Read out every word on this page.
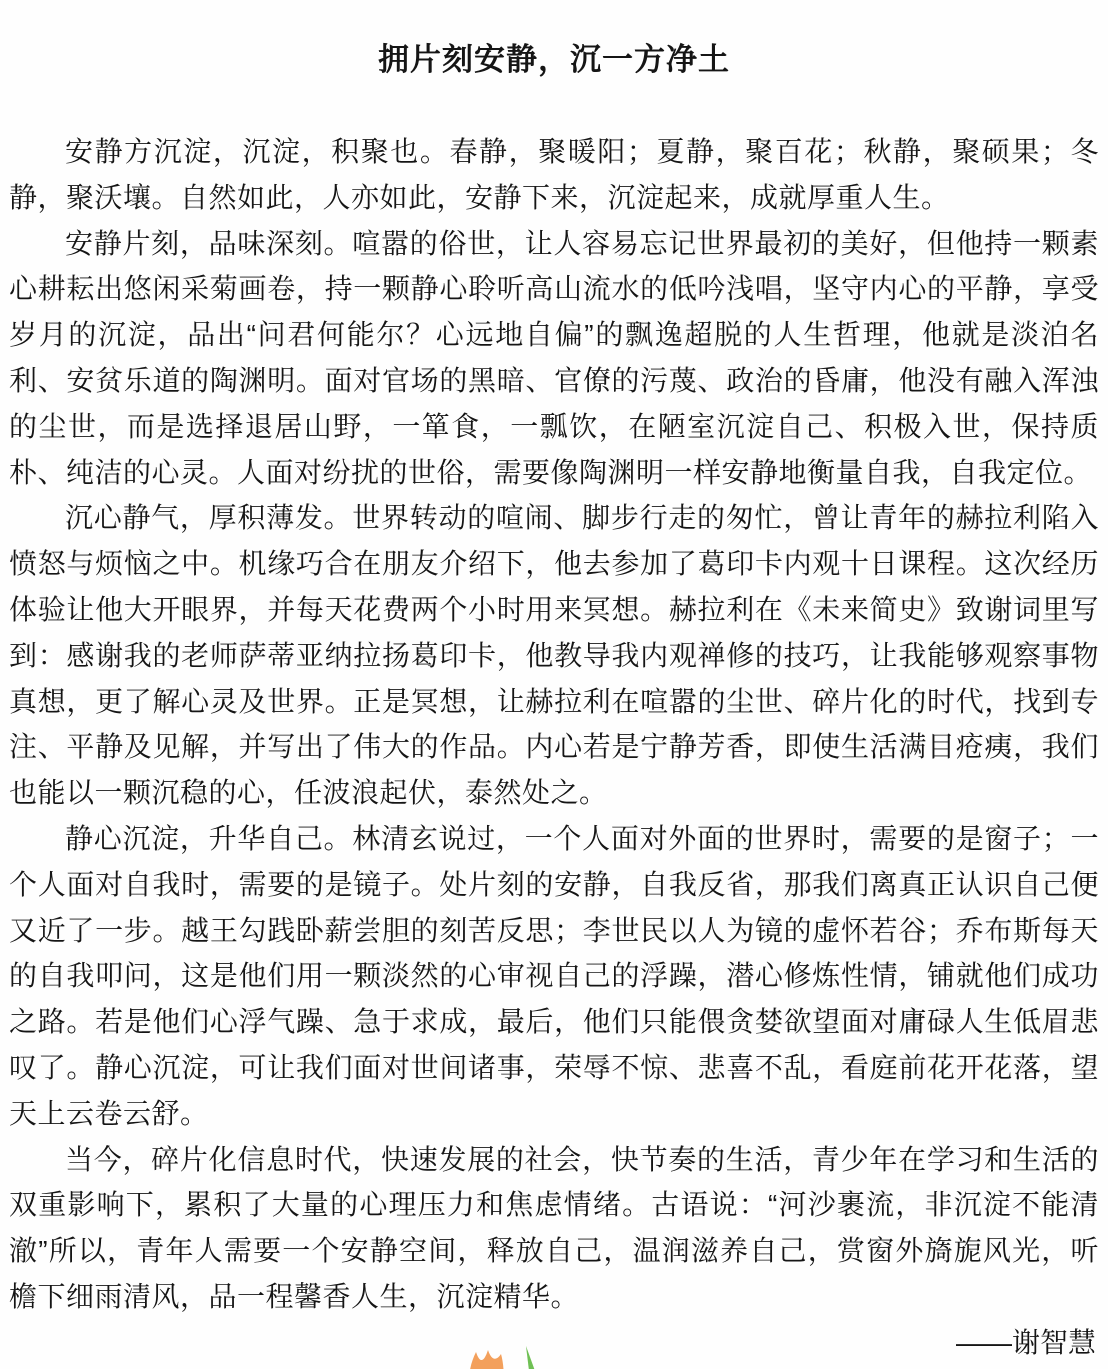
拥片刻安静，沉一方净土

安静方沉淀，沉淀，积聚也。春静，聚暖阳；夏静，聚百花；秋静，聚硕果；冬静，聚沃壤。自然如此，人亦如此，安静下来，沉淀起来，成就厚重人生。

安静片刻，品味深刻。喧嚣的俗世，让人容易忘记世界最初的美好，但他持一颗素心耕耘出悠闲采菊画卷，持一颗静心聆听高山流水的低吟浅唱，坚守内心的平静，享受岁月的沉淀，品出“问君何能尔？心远地自偏”的飘逸超脱的人生哲理，他就是淡泊名利、安贫乐道的陶渊明。面对官场的黑暗、官僚的污蔑、政治的昏庸，他没有融入浑浊的尘世，而是选择退居山野，一箪食，一瓢饮，在陋室沉淀自己、积极入世，保持质朴、纯洁的心灵。人面对纷扰的世俗，需要像陶渊明一样安静地衡量自我，自我定位。

沉心静气，厚积薄发。世界转动的喧闹、脚步行走的匆忙，曾让青年的赫拉利陷入愤怒与烦恼之中。机缘巧合在朋友介绍下，他去参加了葛印卡内观十日课程。这次经历体验让他大开眼界，并每天花费两个小时用来冥想。赫拉利在《未来简史》致谢词里写到：感谢我的老师萨蒂亚纳拉扬葛印卡，他教导我内观禅修的技巧，让我能够观察事物真想，更了解心灵及世界。正是冥想，让赫拉利在喧嚣的尘世、碎片化的时代，找到专注、平静及见解，并写出了伟大的作品。内心若是宁静芳香，即使生活满目疮痍，我们也能以一颗沉稳的心，任波浪起伏，泰然处之。

静心沉淀，升华自己。林清玄说过，一个人面对外面的世界时，需要的是窗子；一个人面对自我时，需要的是镜子。处片刻的安静，自我反省，那我们离真正认识自己便又近了一步。越王勾践卧薪尝胆的刻苦反思；李世民以人为镜的虚怀若谷；乔布斯每天的自我叩问，这是他们用一颗淡然的心审视自己的浮躁，潜心修炼性情，铺就他们成功之路。若是他们心浮气躁、急于求成，最后，他们只能偎贪婪欲望面对庸碌人生低眉悲叹了。静心沉淀，可让我们面对世间诸事，荣辱不惊、悲喜不乱，看庭前花开花落，望天上云卷云舒。

当今，碎片化信息时代，快速发展的社会，快节奏的生活，青少年在学习和生活的双重影响下，累积了大量的心理压力和焦虑情绪。古语说：“河沙裹流，非沉淀不能清澈”所以，青年人需要一个安静空间，释放自己，温润滋养自己，赏窗外旖旎风光，听檐下细雨清风，品一程馨香人生，沉淀精华。

——谢智慧
